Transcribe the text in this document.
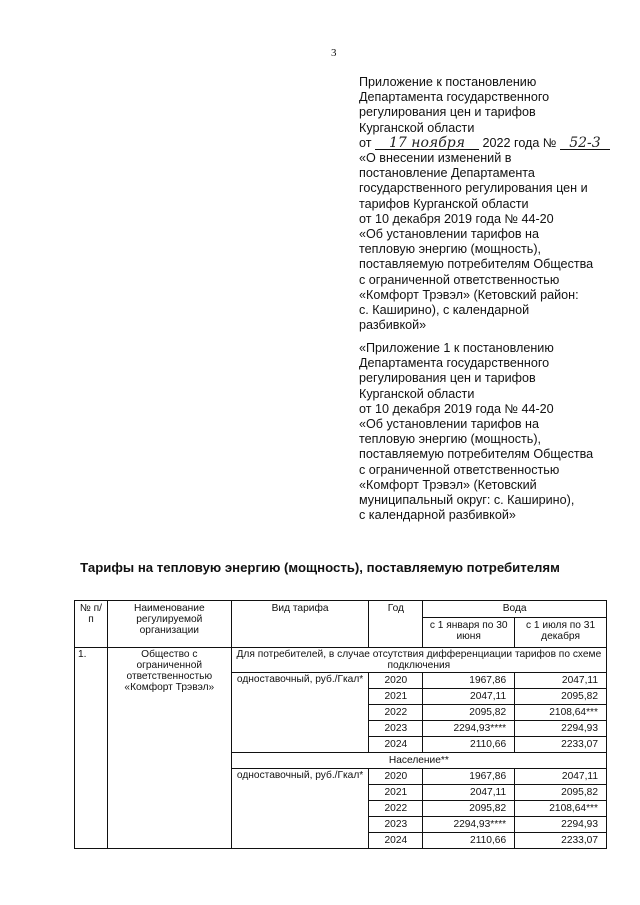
3
Приложение к постановлению
Департамента государственного
регулирования цен и тарифов
Курганской области
от 17 ноября 2022 года № 52-3
«О внесении изменений в
постановление Департамента
государственного регулирования цен и
тарифов Курганской области
от 10 декабря 2019 года № 44-20
«Об установлении тарифов на
тепловую энергию (мощность),
поставляемую потребителям Общества
с ограниченной ответственностью
«Комфорт Трэвэл» (Кетовский район:
с. Каширино), с календарной
разбивкой»
«Приложение 1 к постановлению
Департамента государственного
регулирования цен и тарифов
Курганской области
от 10 декабря 2019 года № 44-20
«Об установлении тарифов на
тепловую энергию (мощность),
поставляемую потребителям Общества
с ограниченной ответственностью
«Комфорт Трэвэл» (Кетовский
муниципальный округ: с. Каширино),
с календарной разбивкой»
Тарифы на тепловую энергию (мощность), поставляемую потребителям
№ п/п	Наименование регулируемой организации	Вид тарифа	Год	Вода	
				с 1 января по 30 июня	с 1 июля по 31 декабря
1.	Общество с ограниченной ответственностью «Комфорт Трэвэл»	Для потребителей, в случае отсутствия дифференциации тарифов по схеме подключения			
		одноставочный, руб./Гкал*	2020	1967,86	2047,11
			2021	2047,11	2095,82
			2022	2095,82	2108,64***
			2023	2294,93****	2294,93
			2024	2110,66	2233,07
		Население**			
		одноставочный, руб./Гкал*	2020	1967,86	2047,11
			2021	2047,11	2095,82
			2022	2095,82	2108,64***
			2023	2294,93****	2294,93
			2024	2110,66	2233,07
